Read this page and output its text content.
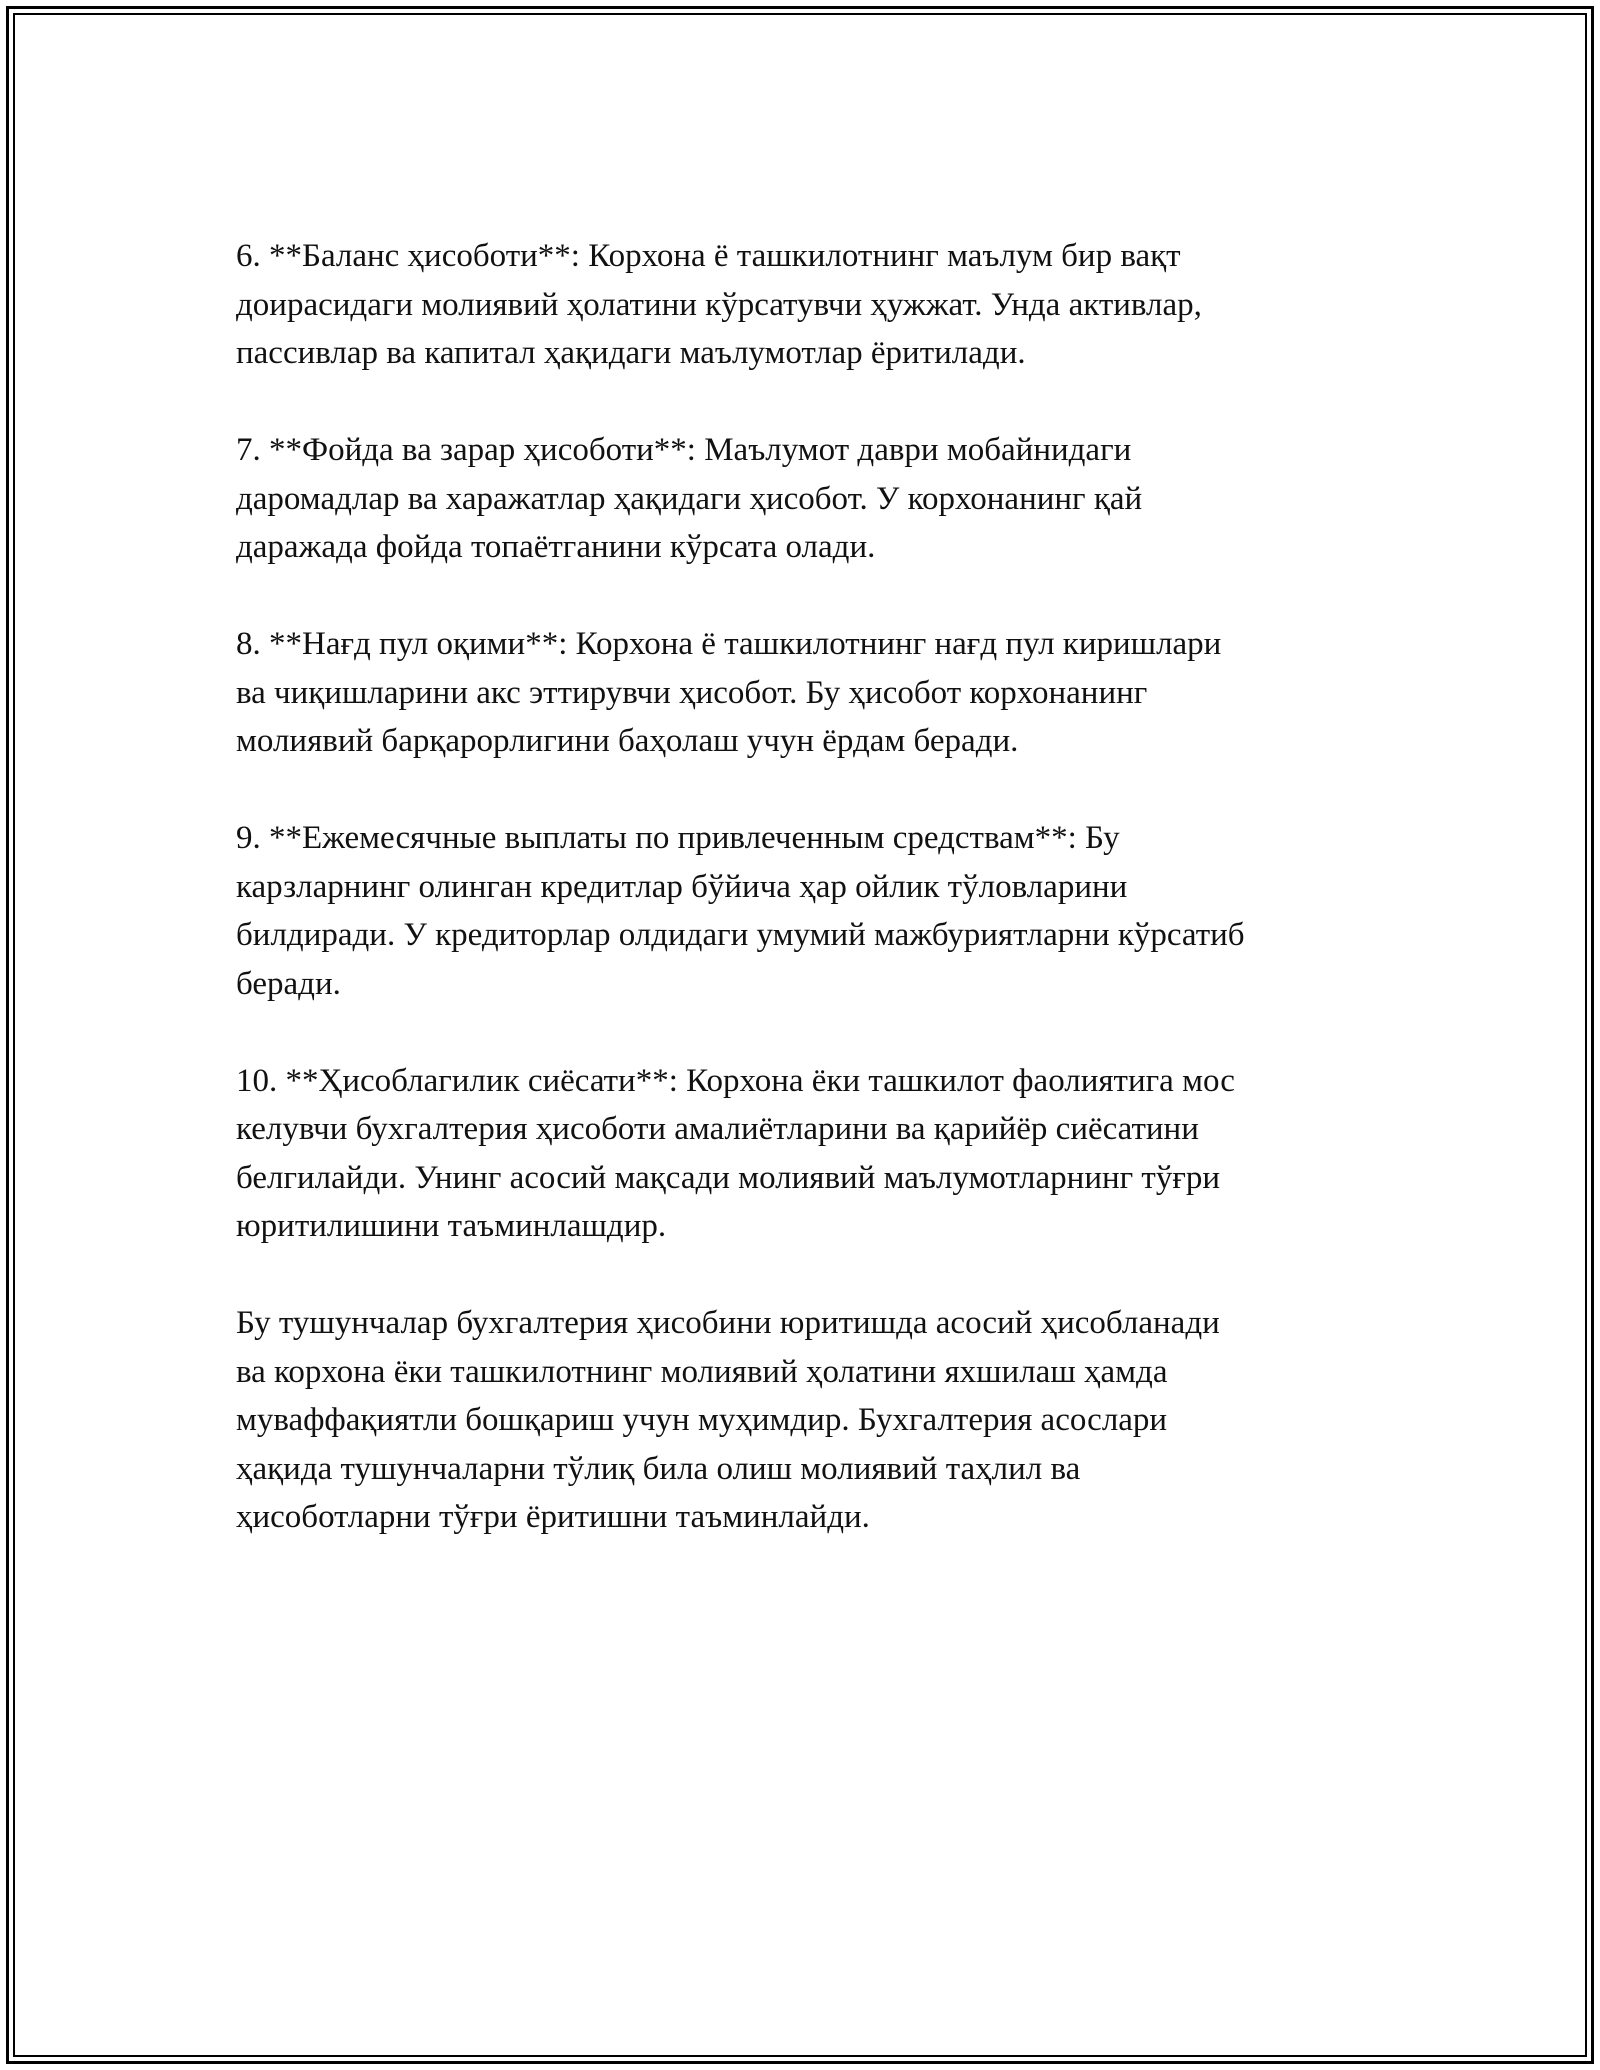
6. **Баланс ҳисоботи**: Корхона ё ташкилотнинг маълум бир вақт
доирасидаги молиявий ҳолатини кўрсатувчи ҳужжат. Унда активлар,
пассивлар ва капитал ҳақидаги маълумотлар ёритилади.
7. **Фойда ва зарар ҳисоботи**: Маълумот даври мобайнидаги
даромадлар ва харажатлар ҳақидаги ҳисобот. У корхонанинг қай
даражада фойда топаётганини кўрсата олади.
8. **Нағд пул оқими**: Корхона ё ташкилотнинг нағд пул киришлари
ва чиқишларини акс эттирувчи ҳисобот. Бу ҳисобот корхонанинг
молиявий барқарорлигини баҳолаш учун ёрдам беради.
9. **Ежемесячные выплаты по привлеченным средствам**: Бу
карзларнинг олинган кредитлар бўйича ҳар ойлик тўловларини
билдиради. У кредиторлар олдидаги умумий мажбуриятларни кўрсатиб
беради.
10. **Ҳисоблагилик сиёсати**: Корхона ёки ташкилот фаолиятига мос
келувчи бухгалтерия ҳисоботи амалиётларини ва қарийёр сиёсатини
белгилайди. Унинг асосий мақсади молиявий маълумотларнинг тўғри
юритилишини таъминлашдир.
Бу тушунчалар бухгалтерия ҳисобини юритишда асосий ҳисобланади
ва корхона ёки ташкилотнинг молиявий ҳолатини яхшилаш ҳамда
муваффақиятли бошқариш учун муҳимдир. Бухгалтерия асослари
ҳақида тушунчаларни тўлиқ била олиш молиявий таҳлил ва
ҳисоботларни тўғри ёритишни таъминлайди.
